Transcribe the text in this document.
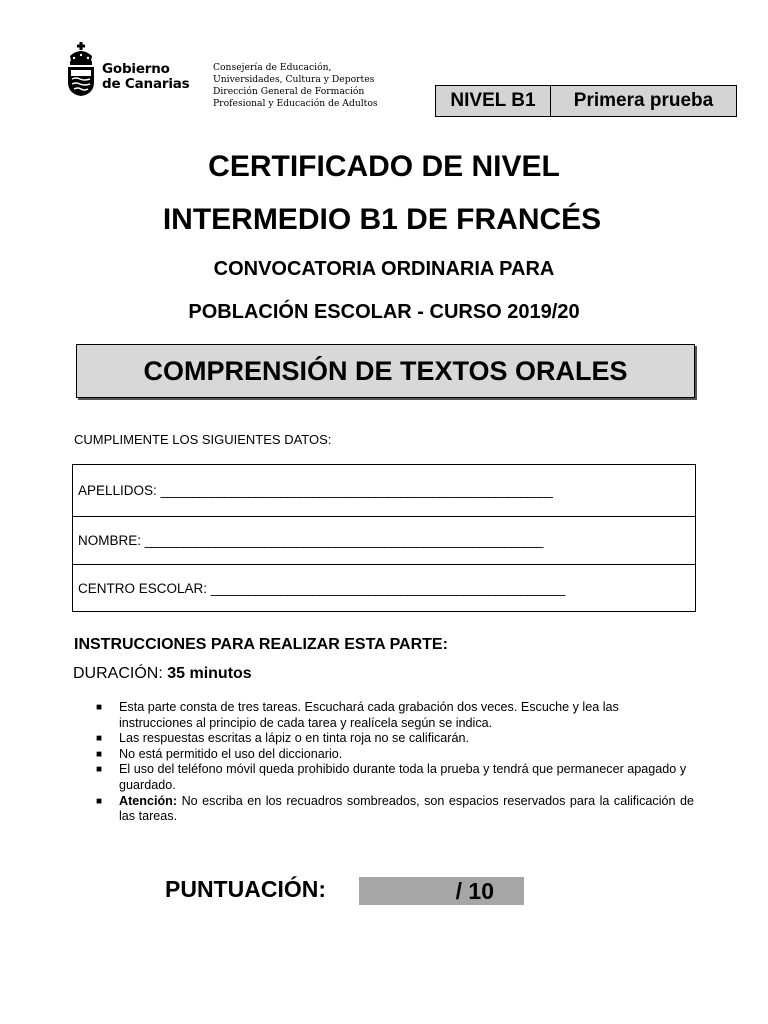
Gobierno
de Canarias
Consejería de Educación,
Universidades, Cultura y Deportes
Dirección General de Formación
Profesional y Educación de Adultos	NIVEL B1	Primera prueba
CERTIFICADO DE NIVEL
INTERMEDIO B1 DE FRANCÉS
CONVOCATORIA ORDINARIA PARA
POBLACIÓN ESCOLAR - CURSO 2019/20
COMPRENSIÓN DE TEXTOS ORALES
CUMPLIMENTE LOS SIGUIENTES DATOS:
APELLIDOS:
______________________________________________________________
NOMBRE:
_______________________________________________________________
CENTRO ESCOLAR:
________________________________________________________
INSTRUCCIONES PARA REALIZAR ESTA PARTE:
DURACIÓN: 35 minutos
■ Esta parte consta de tres tareas. Escuchará cada grabación dos veces. Escuche y lea las instrucciones al principio de cada tarea y realícela según se indica.
■ Las respuestas escritas a lápiz o en tinta roja no se calificarán.
■ No está permitido el uso del diccionario.
■ El uso del teléfono móvil queda prohibido durante toda la prueba y tendrá que permanecer apagado y guardado.
■ Atención: No escriba en los recuadros sombreados, son espacios reservados para la calificación de las tareas.
PUNTUACIÓN:	/ 10
